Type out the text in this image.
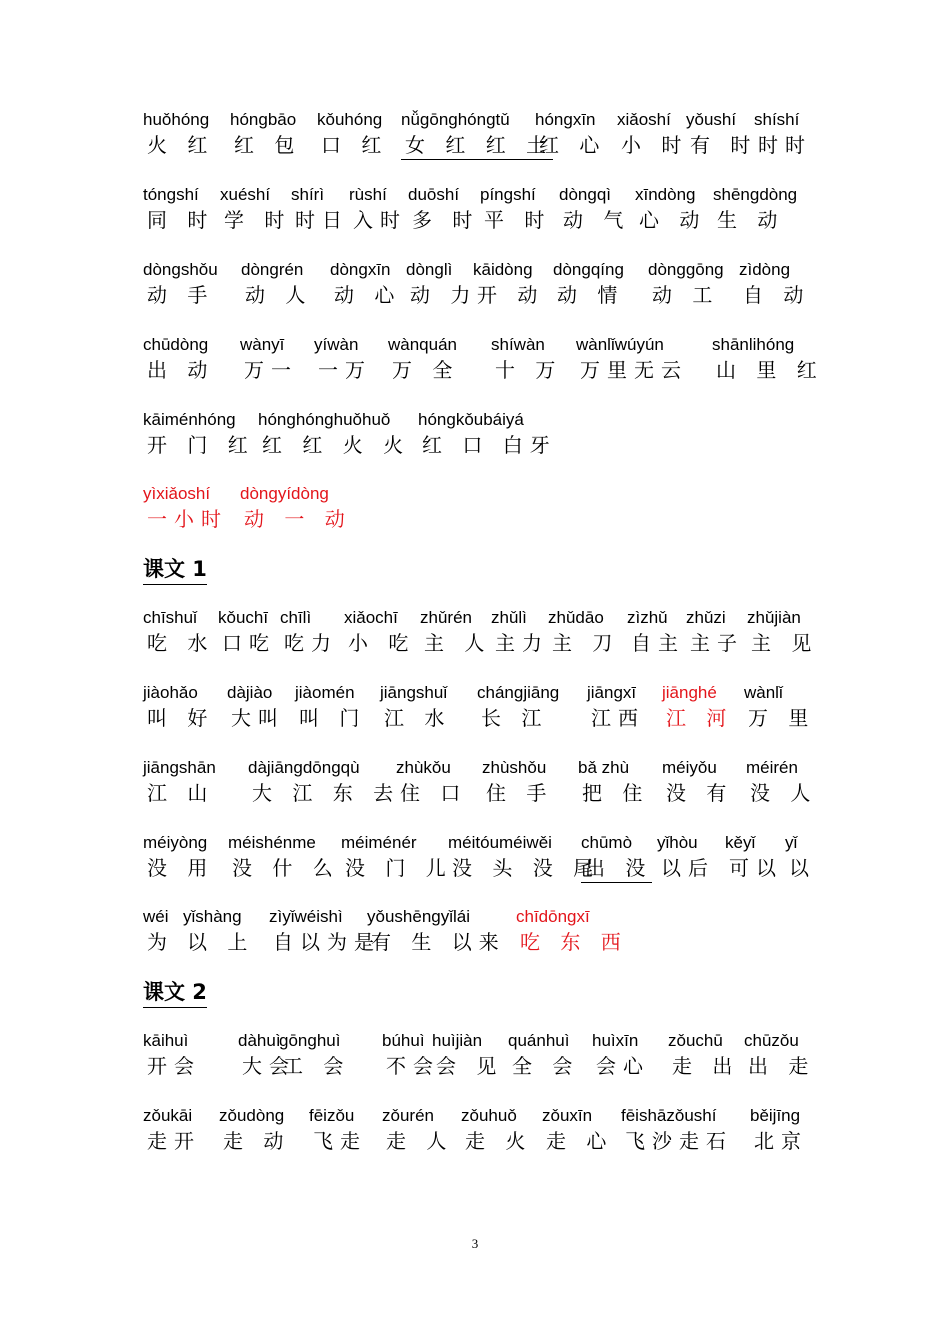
huǒhóng
火 红
hóngbāo
红 包
kǒuhóng
口 红
nǚgōnghóngtǔ
女 红 红 土
hóngxīn
红 心
xiǎoshí
小 时
yǒushí
有 时
shíshí
时时
tóngshí
同 时
xuéshí
学 时
shírì
时日
rùshí
入时
duōshí
多 时
píngshí
平 时
dòngqì
动 气
xīndòng
心 动
shēngdòng
生 动
dòngshǒu
动 手
dòngrén
动 人
dòngxīn
动 心
dònglì
动 力
kāidòng
开 动
dòngqíng
动 情
dònggōng
动 工
zìdòng
自 动
chūdòng
出 动
wànyī
万一
yíwàn
一万
wànquán
万 全
shíwàn
十 万
wànlǐwúyún
万里无云
shānlihóng
山 里 红
kāiménhóng
开 门 红
hónghónghuǒhuǒ
红 红 火 火
hóngkǒubáiyá
红 口 白牙
yìxiǎoshí
一小时
dòngyídòng
动 一 动
chīshuǐ
吃 水
kǒuchī
口吃
chīlì
吃力
xiǎochī
小 吃
zhǔrén
主 人
zhǔlì
主力
zhǔdāo
主 刀
zìzhǔ
自主
zhǔzi
主子
zhǔjiàn
主 见
jiàohǎo
叫 好
dàjiào
大叫
jiàomén
叫 门
jiāngshuǐ
江 水
chángjiāng
长 江
jiāngxī
江西
jiānghé
江 河
wànlǐ
万 里
jiāngshān
江 山
dàjiāngdōngqù
大 江 东 去
zhùkǒu
住 口
zhùshǒu
住 手
bǎ zhù
把 住
méiyǒu
没 有
méirén
没 人
méiyòng
没 用
méishénme
没 什 么
méiménér
没 门 儿
méitóuméiwěi
没 头 没 尾
chūmò
出 没
yǐhòu
以后
kěyǐ
可以
yǐ
以
wéi
为
yǐshàng
以 上
zìyǐwéishì
自以为是
yǒushēngyǐlái
有 生 以来
chīdōngxī
吃 东 西
kāihuì
开会
dàhuì
大会
gōnghuì
工 会
búhuì
不会
huìjiàn
会 见
quánhuì
全 会
huìxīn
会心
zǒuchū
走 出
chūzǒu
出 走
zǒukāi
走开
zǒudòng
走 动
fēizǒu
飞走
zǒurén
走 人
zǒuhuǒ
走 火
zǒuxīn
走 心
fēishāzǒushí
飞沙走石
běijīng
北京
课文 1
课文 2
3
